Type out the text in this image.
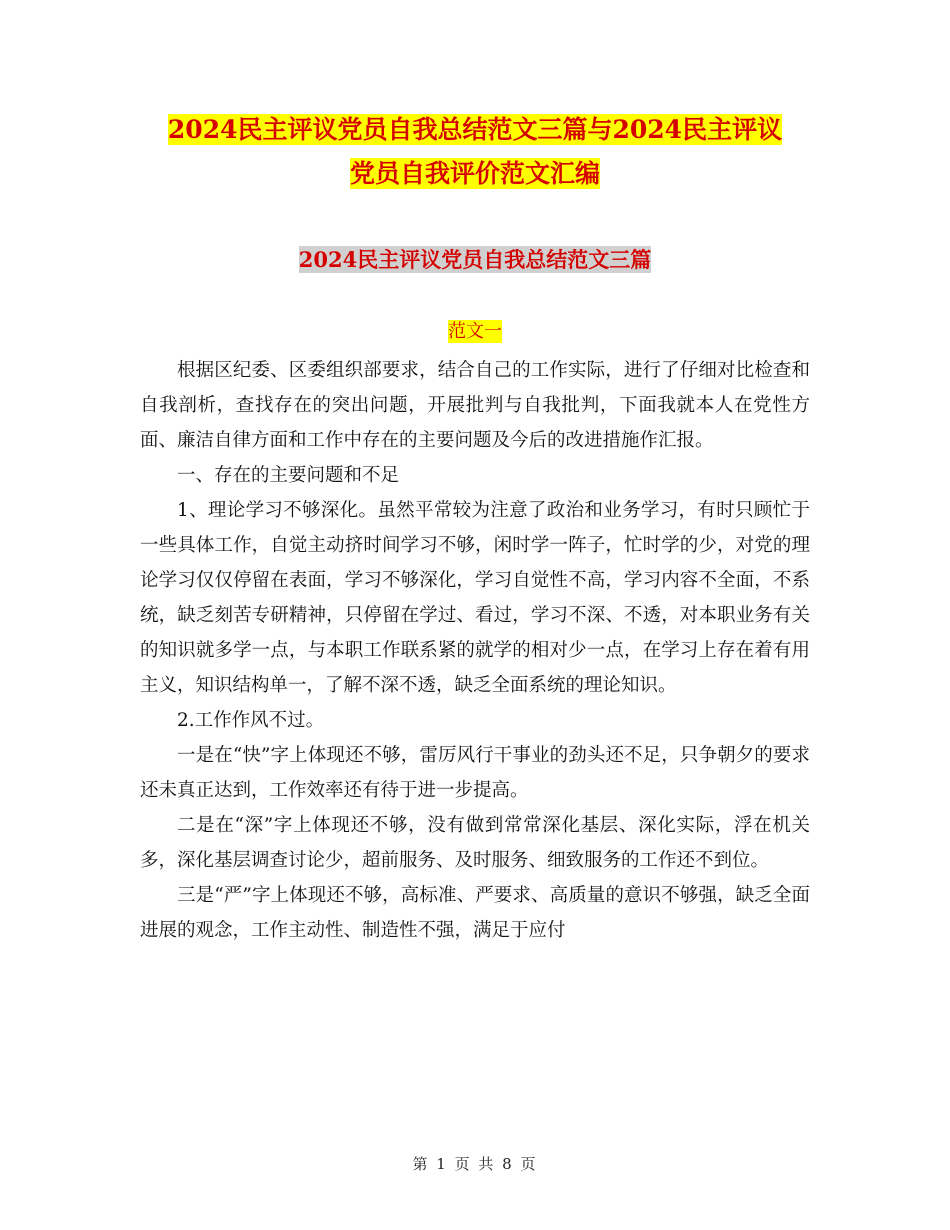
2024民主评议党员自我总结范文三篇与2024民主评议
党员自我评价范文汇编
2024民主评议党员自我总结范文三篇
范文一

根据区纪委、区委组织部要求，结合自己的工作实际，进行了仔细对比检查和自我剖析，查找存在的突出问题，开展批判与自我批判，下面我就本人在党性方面、廉洁自律方面和工作中存在的主要问题及今后的改进措施作汇报。

一、存在的主要问题和不足

1、理论学习不够深化。虽然平常较为注意了政治和业务学习，有时只顾忙于一些具体工作，自觉主动挤时间学习不够，闲时学一阵子，忙时学的少，对党的理论学习仅仅停留在表面，学习不够深化，学习自觉性不高，学习内容不全面，不系统，缺乏刻苦专研精神，只停留在学过、看过，学习不深、不透，对本职业务有关的知识就多学一点，与本职工作联系紧的就学的相对少一点，在学习上存在着有用主义，知识结构单一，了解不深不透，缺乏全面系统的理论知识。

2.工作作风不过。

一是在“快”字上体现还不够，雷厉风行干事业的劲头还不足，只争朝夕的要求还未真正达到，工作效率还有待于进一步提高。

二是在“深”字上体现还不够，没有做到常常深化基层、深化实际，浮在机关多，深化基层调查讨论少，超前服务、及时服务、细致服务的工作还不到位。

三是“严”字上体现还不够，高标准、严要求、高质量的意识不够强，缺乏全面进展的观念，工作主动性、制造性不强，满足于应付

第 1 页 共 8 页
